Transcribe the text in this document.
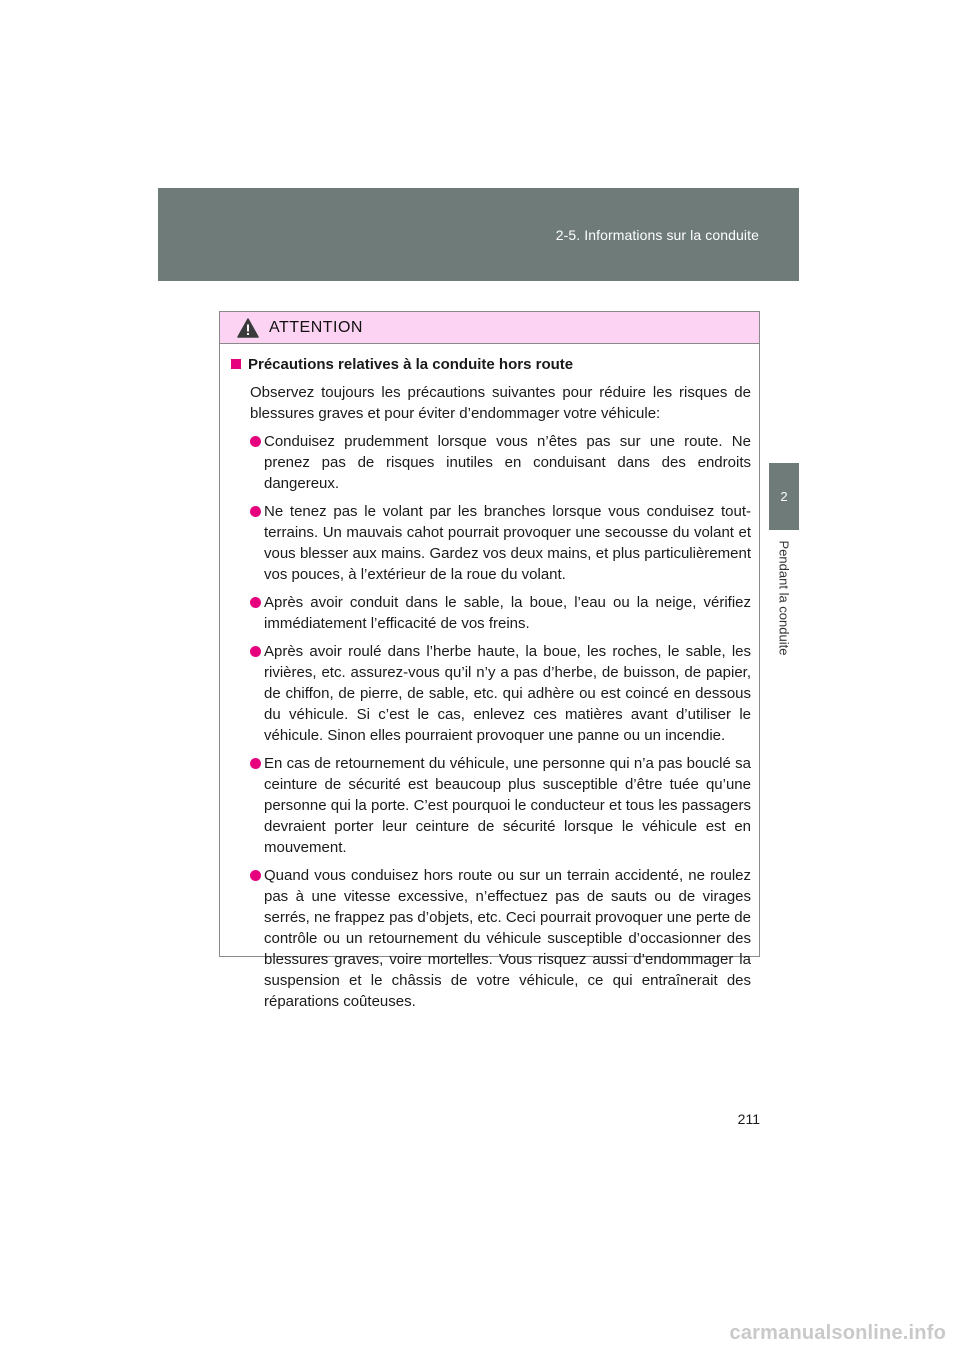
2-5. Informations sur la conduite
2
Pendant la conduite
ATTENTION
Précautions relatives à la conduite hors route
Observez toujours les précautions suivantes pour réduire les risques de blessures graves et pour éviter d’endommager votre véhicule:
Conduisez prudemment lorsque vous n’êtes pas sur une route. Ne prenez pas de risques inutiles en conduisant dans des endroits dangereux.
Ne tenez pas le volant par les branches lorsque vous conduisez tout-terrains. Un mauvais cahot pourrait provoquer une secousse du volant et vous blesser aux mains. Gardez vos deux mains, et plus particulièrement vos pouces, à l’extérieur de la roue du volant.
Après avoir conduit dans le sable, la boue, l’eau ou la neige, vérifiez immédiatement l’efficacité de vos freins.
Après avoir roulé dans l’herbe haute, la boue, les roches, le sable, les rivières, etc. assurez-vous qu’il n’y a pas d’herbe, de buisson, de papier, de chiffon, de pierre, de sable, etc. qui adhère ou est coincé en dessous du véhicule. Si c’est le cas, enlevez ces matières avant d’utiliser le véhicule. Sinon elles pourraient provoquer une panne ou un incendie.
En cas de retournement du véhicule, une personne qui n’a pas bouclé sa ceinture de sécurité est beaucoup plus susceptible d’être tuée qu’une personne qui la porte. C’est pourquoi le conducteur et tous les passagers devraient porter leur ceinture de sécurité lorsque le véhicule est en mouvement.
Quand vous conduisez hors route ou sur un terrain accidenté, ne roulez pas à une vitesse excessive, n’effectuez pas de sauts ou de virages serrés, ne frappez pas d’objets, etc. Ceci pourrait provoquer une perte de contrôle ou un retournement du véhicule susceptible d’occasionner des blessures graves, voire mortelles. Vous risquez aussi d’endommager la suspension et le châssis de votre véhicule, ce qui entraînerait des réparations coûteuses.
211
carmanualsonline.info
